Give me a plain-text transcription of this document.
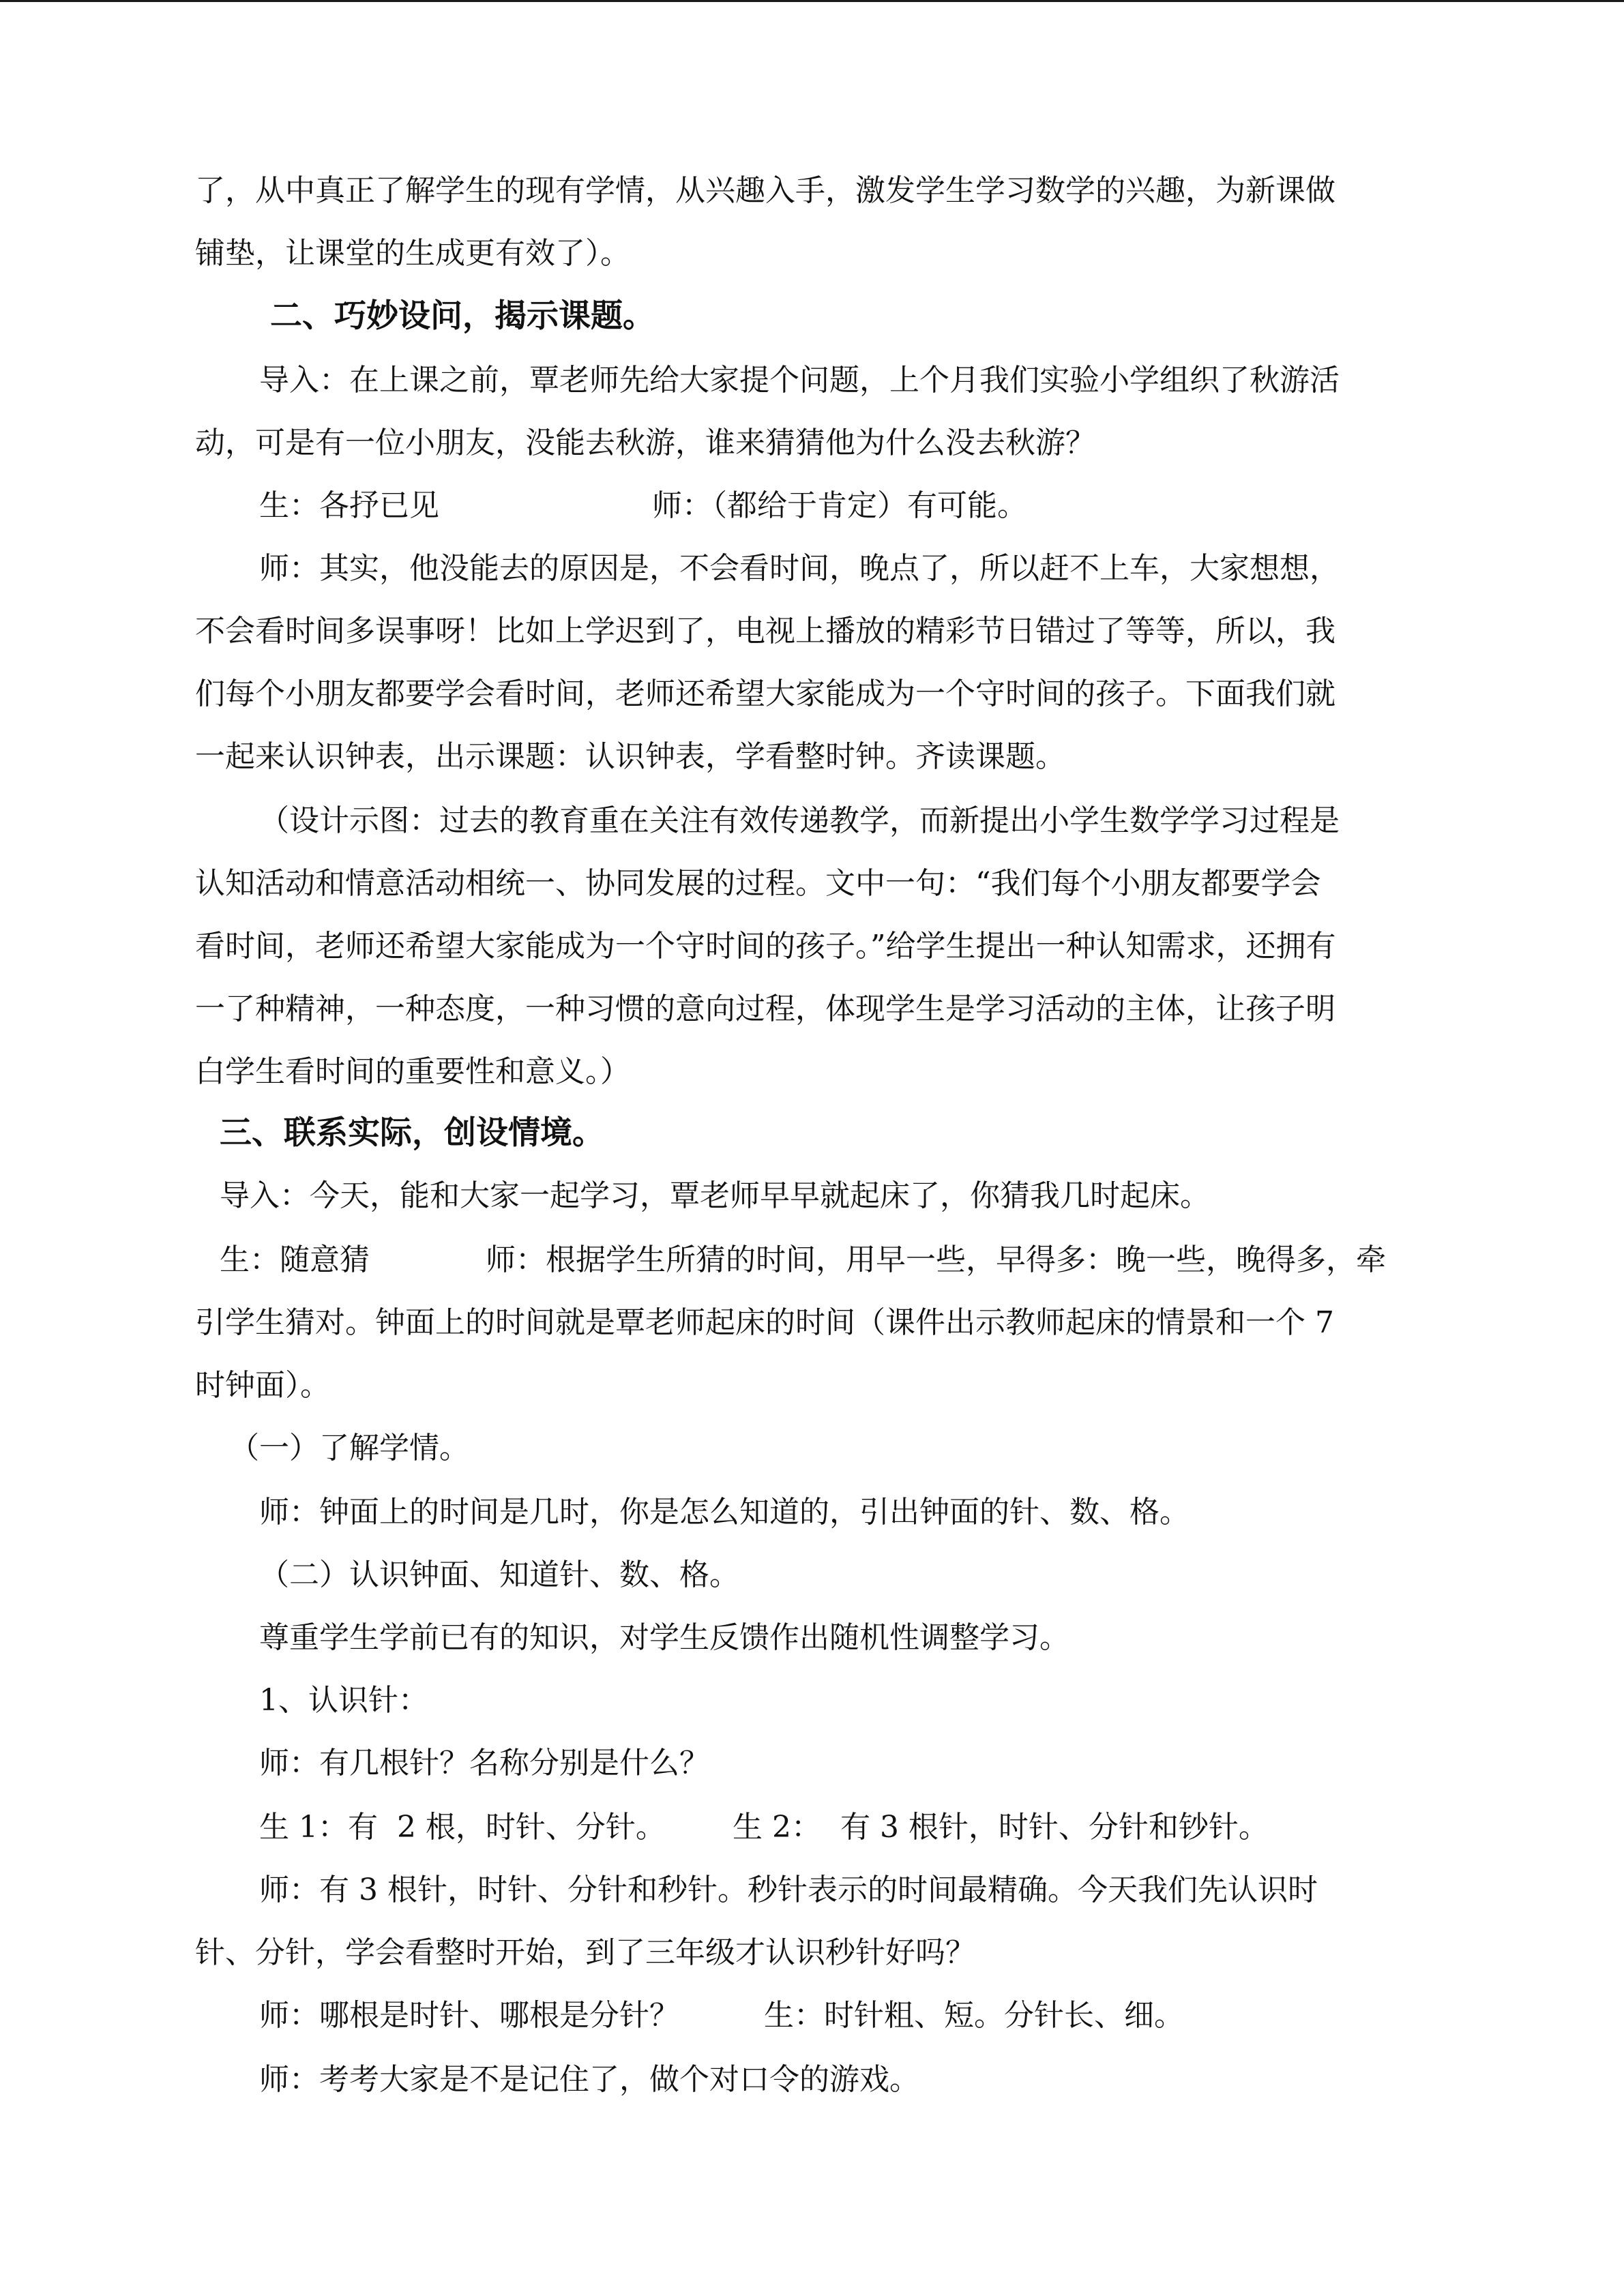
了，从中真正了解学生的现有学情，从兴趣入手，激发学生学习数学的兴趣，为新课做

铺垫，让课堂的生成更有效了）。

二、巧妙设问，揭示课题。

导入：在上课之前，覃老师先给大家提个问题，上个月我们实验小学组织了秋游活

动，可是有一位小朋友，没能去秋游，谁来猜猜他为什么没去秋游？

生：各抒已见	师：（都给于肯定）有可能。

师：其实，他没能去的原因是，不会看时间，晚点了，所以赶不上车，大家想想，

不会看时间多误事呀！比如上学迟到了，电视上播放的精彩节日错过了等等，所以，我

们每个小朋友都要学会看时间，老师还希望大家能成为一个守时间的孩子。下面我们就

一起来认识钟表，出示课题：认识钟表，学看整时钟。齐读课题。

（设计示图：过去的教育重在关注有效传递教学，而新提出小学生数学学习过程是

认知活动和情意活动相统一、协同发展的过程。文中一句：“我们每个小朋友都要学会

看时间，老师还希望大家能成为一个守时间的孩子。”给学生提出一种认知需求，还拥有

一了种精神，一种态度，一种习惯的意向过程，体现学生是学习活动的主体，让孩子明

白学生看时间的重要性和意义。）

三、联系实际，创设情境。

导入：今天，能和大家一起学习，覃老师早早就起床了，你猜我几时起床。

生：随意猜	师：根据学生所猜的时间，用早一些，早得多：晚一些，晚得多，牵

引学生猜对。钟面上的时间就是覃老师起床的时间（课件出示教师起床的情景和一个 7

时钟面）。

（一）了解学情。

师：钟面上的时间是几时，你是怎么知道的，引出钟面的针、数、格。

（二）认识钟面、知道针、数、格。

尊重学生学前已有的知识，对学生反馈作出随机性调整学习。

1、认识针：

师：有几根针？名称分别是什么？

生 1：有  2 根，时针、分针。 生 2：  有 3 根针，时针、分针和钞针。

师：有 3 根针，时针、分针和秒针。秒针表示的时间最精确。今天我们先认识时

针、分针，学会看整时开始，到了三年级才认识秒针好吗？

师：哪根是时针、哪根是分针？	生：时针粗、短。分针长、细。

师：考考大家是不是记住了，做个对口令的游戏。
